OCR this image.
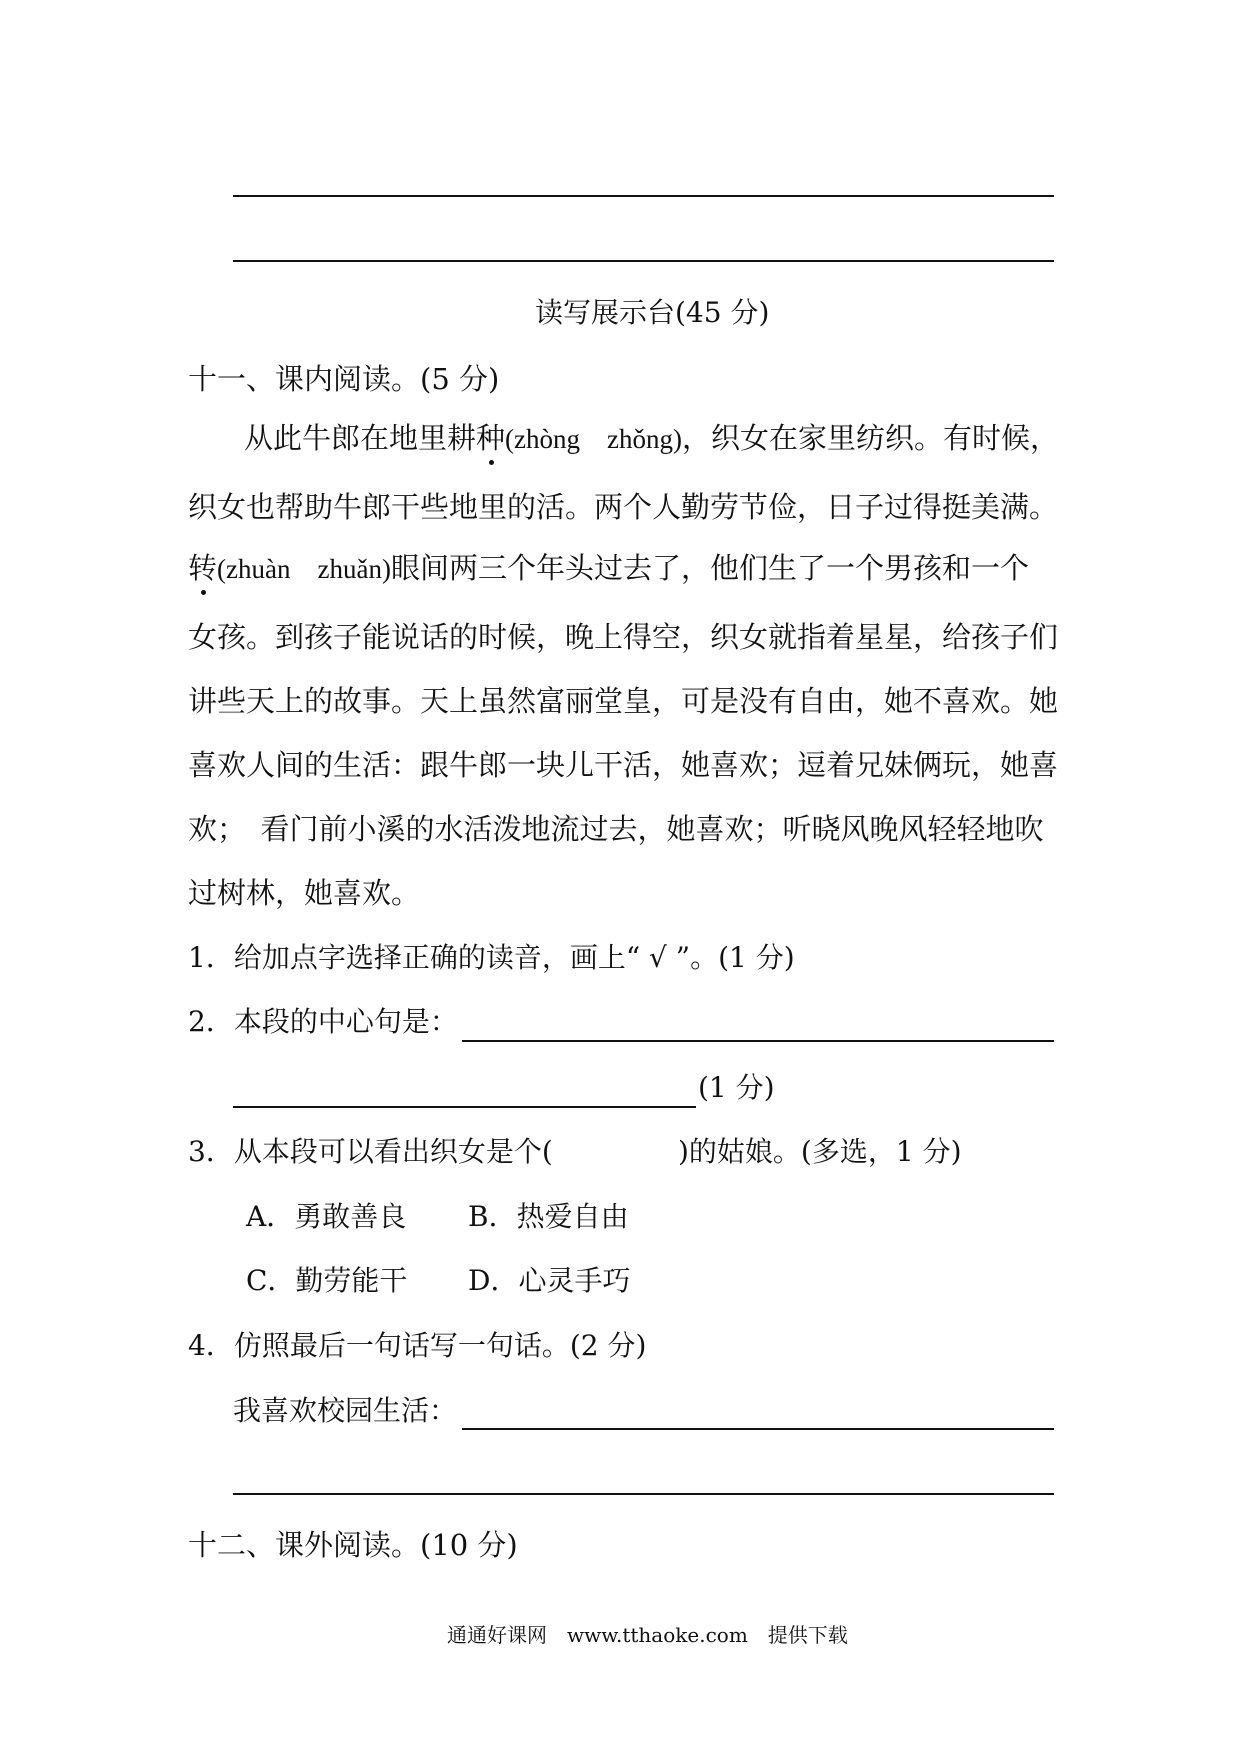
读写展示台(45 分)
十一、课内阅读。(5 分)
从此牛郎在地里耕种(zhòng　zhǒng)，织女在家里纺织。有时候，
织女也帮助牛郎干些地里的活。两个人勤劳节俭，日子过得挺美满。
转(zhuàn　zhuǎn)眼间两三个年头过去了，他们生了一个男孩和一个
女孩。到孩子能说话的时候，晚上得空，织女就指着星星，给孩子们
讲些天上的故事。天上虽然富丽堂皇，可是没有自由，她不喜欢。她
喜欢人间的生活：跟牛郎一块儿干活，她喜欢；逗着兄妹俩玩，她喜
欢；　看门前小溪的水活泼地流过去，她喜欢；听晓风晚风轻轻地吹
过树林，她喜欢。
1．给加点字选择正确的读音，画上“ √ ”。(1 分)
2．本段的中心句是：
(1 分)
3．从本段可以看出织女是个(	)的姑娘。(多选，1 分)
A．勇敢善良 B．热爱自由
C．勤劳能干 D．心灵手巧
4．仿照最后一句话写一句话。(2 分)
我喜欢校园生活：
十二、课外阅读。(10 分)
通通好课网　www.tthaoke.com　提供下载
